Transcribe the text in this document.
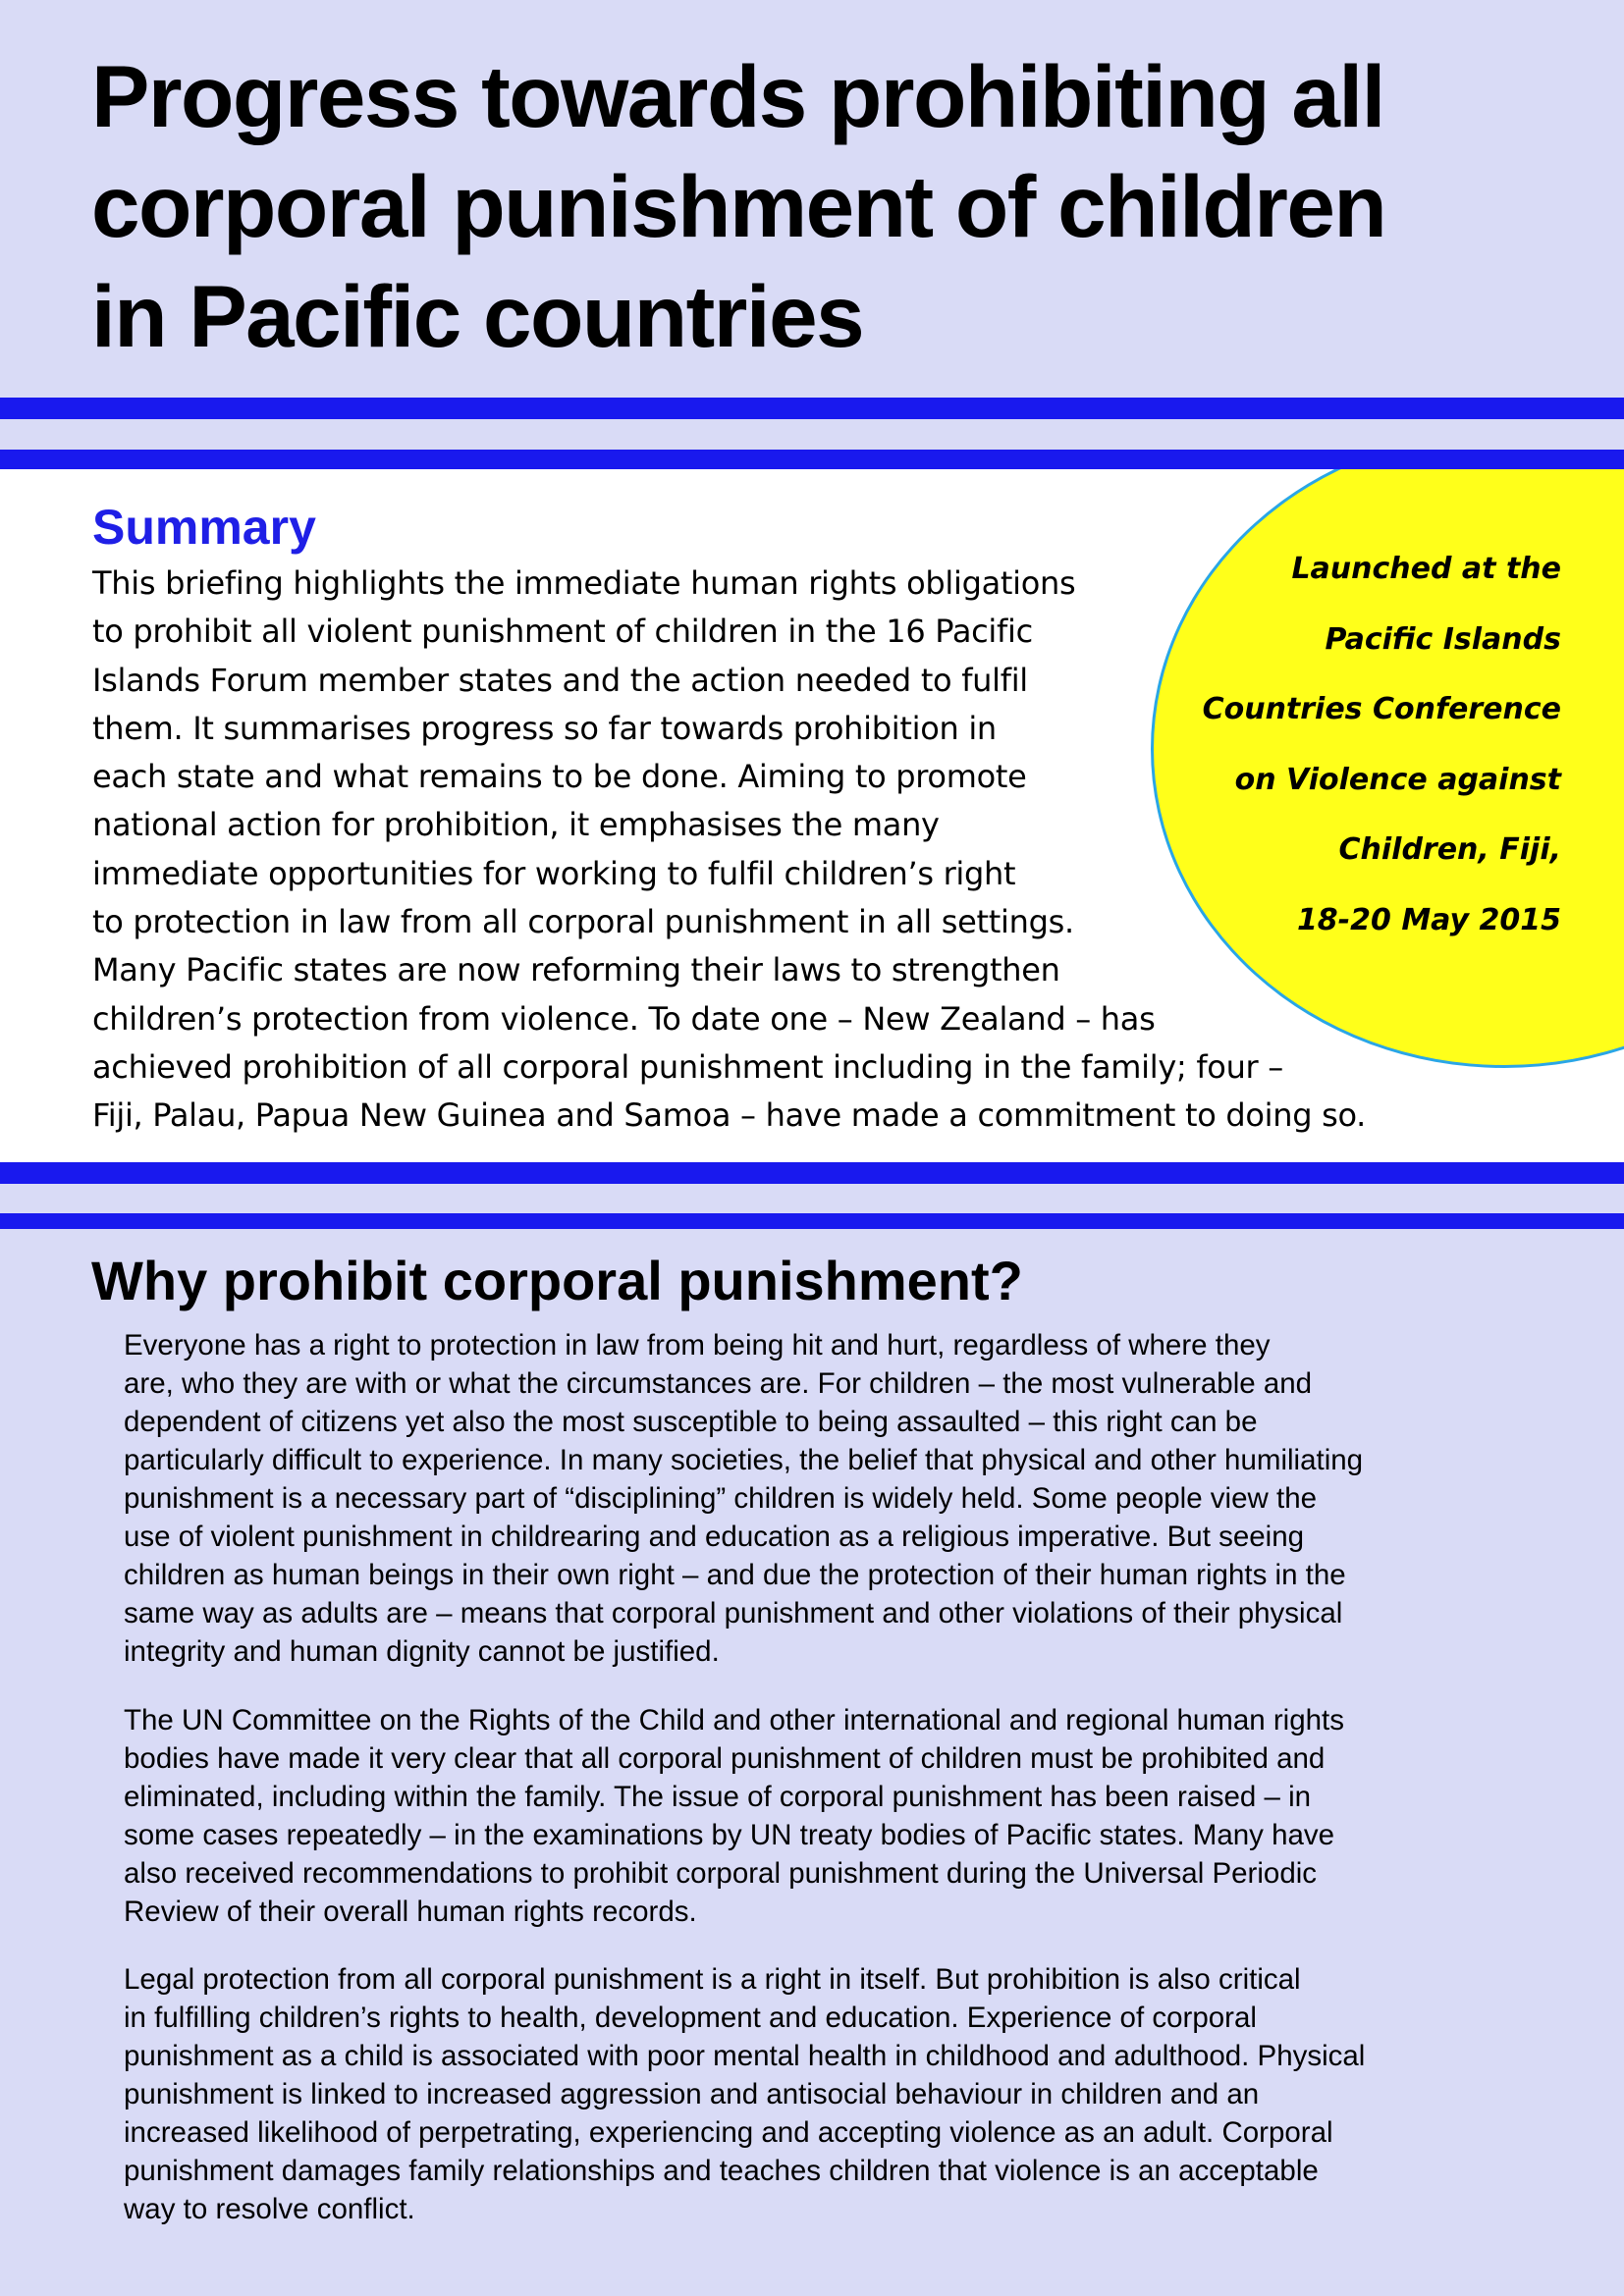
Progress towards prohibiting all
corporal punishment of children
in Pacific countries
Launched at the
Pacific Islands
Countries Conference
on Violence against
Children, Fiji,
18-20 May 2015
Summary
This briefing highlights the immediate human rights obligations
to prohibit all violent punishment of children in the 16 Pacific
Islands Forum member states and the action needed to fulfil
them. It summarises progress so far towards prohibition in
each state and what remains to be done. Aiming to promote
national action for prohibition, it emphasises the many
immediate opportunities for working to fulfil children’s right
to protection in law from all corporal punishment in all settings.
Many Pacific states are now reforming their laws to strengthen
children’s protection from violence. To date one – New Zealand – has
achieved prohibition of all corporal punishment including in the family; four –
Fiji, Palau, Papua New Guinea and Samoa – have made a commitment to doing so.
Why prohibit corporal punishment?
Everyone has a right to protection in law from being hit and hurt, regardless of where they
are, who they are with or what the circumstances are. For children – the most vulnerable and
dependent of citizens yet also the most susceptible to being assaulted – this right can be
particularly difficult to experience. In many societies, the belief that physical and other humiliating
punishment is a necessary part of “disciplining” children is widely held. Some people view the
use of violent punishment in childrearing and education as a religious imperative. But seeing
children as human beings in their own right – and due the protection of their human rights in the
same way as adults are – means that corporal punishment and other violations of their physical
integrity and human dignity cannot be justified.
The UN Committee on the Rights of the Child and other international and regional human rights
bodies have made it very clear that all corporal punishment of children must be prohibited and
eliminated, including within the family. The issue of corporal punishment has been raised – in
some cases repeatedly – in the examinations by UN treaty bodies of Pacific states. Many have
also received recommendations to prohibit corporal punishment during the Universal Periodic
Review of their overall human rights records.
Legal protection from all corporal punishment is a right in itself. But prohibition is also critical
in fulfilling children’s rights to health, development and education. Experience of corporal
punishment as a child is associated with poor mental health in childhood and adulthood. Physical
punishment is linked to increased aggression and antisocial behaviour in children and an
increased likelihood of perpetrating, experiencing and accepting violence as an adult. Corporal
punishment damages family relationships and teaches children that violence is an acceptable
way to resolve conflict.
